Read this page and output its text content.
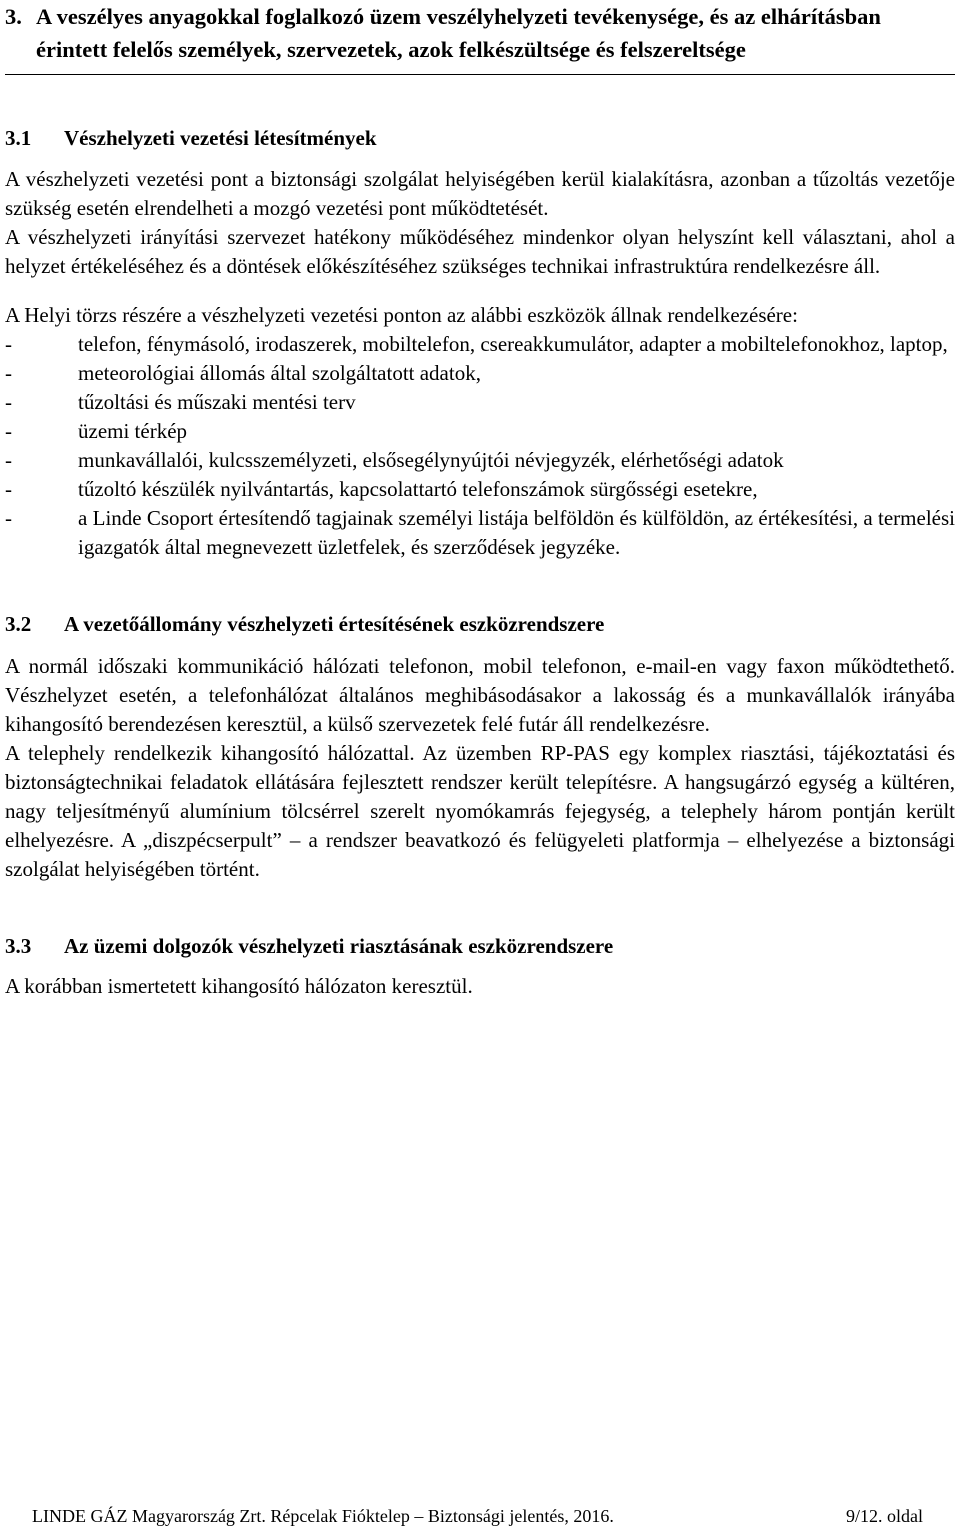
3. A veszélyes anyagokkal foglalkozó üzem veszélyhelyzeti tevékenysége, és az elhárításban érintett felelős személyek, szervezetek, azok felkészültsége és felszereltsége
3.1	Vészhelyzeti vezetési létesítmények

A vészhelyzeti vezetési pont a biztonsági szolgálat helyiségében kerül kialakításra, azonban a tűzoltás vezetője szükség esetén elrendelheti a mozgó vezetési pont működtetését.

A vészhelyzeti irányítási szervezet hatékony működéséhez mindenkor olyan helyszínt kell választani, ahol a helyzet értékeléséhez és a döntések előkészítéséhez szükséges technikai infrastruktúra rendelkezésre áll.

A Helyi törzs részére a vészhelyzeti vezetési ponton az alábbi eszközök állnak rendelkezésére:

-	telefon, fénymásoló, irodaszerek, mobiltelefon, csereakkumulátor, adapter a mobiltelefonokhoz, laptop,
-	meteorológiai állomás által szolgáltatott adatok,
-	tűzoltási és műszaki mentési terv
-	üzemi térkép
-	munkavállalói, kulcsszemélyzeti, elsősegélynyújtói névjegyzék, elérhetőségi adatok
-	tűzoltó készülék nyilvántartás, kapcsolattartó telefonszámok sürgősségi esetekre,
-	a Linde Csoport értesítendő tagjainak személyi listája belföldön és külföldön, az értékesítési, a termelési igazgatók által megnevezett üzletfelek, és szerződések jegyzéke.
3.2	A vezetőállomány vészhelyzeti értesítésének eszközrendszere

A normál időszaki kommunikáció hálózati telefonon, mobil telefonon, e-mail-en vagy faxon működtethető. Vészhelyzet esetén, a telefonhálózat általános meghibásodásakor a lakosság és a munkavállalók irányába kihangosító berendezésen keresztül, a külső szervezetek felé futár áll rendelkezésre.

A telephely rendelkezik kihangosító hálózattal. Az üzemben RP-PAS egy komplex riasztási, tájékoztatási és biztonságtechnikai feladatok ellátására fejlesztett rendszer került telepítésre. A hangsugárzó egység a kültéren, nagy teljesítményű alumínium tölcsérrel szerelt nyomókamrás fejegység, a telephely három pontján került elhelyezésre. A „diszpécserpult” – a rendszer beavatkozó és felügyeleti platformja – elhelyezése a biztonsági szolgálat helyiségében történt.

3.3	Az üzemi dolgozók vészhelyzeti riasztásának eszközrendszere

A korábban ismertetett kihangosító hálózaton keresztül.

LINDE GÁZ Magyarország Zrt. Répcelak Fióktelep – Biztonsági jelentés, 2016.	9/12. oldal
